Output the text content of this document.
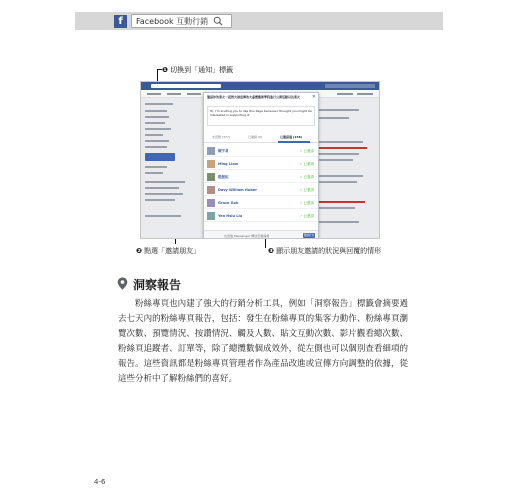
f	Facebook 互動行銷
❶ 切換到「通知」標籤
❷ 點選「邀請朋友」	❸ 顯示朋友邀請的狀況與回覆的情形
邀請你的朋友一起對大肆宣傳的大嘉寶藝術學院進行公開活動以告朋友	✕
Hi, I'm inviting you to like this Page because I thought you might be interested in supporting it.
未回應 (377)	已邀請 (0)	已邀請過 (158)
陳宇君	✓已邀請
Ming Liaw	✓已邀請
趙振佑	✓已邀請
Davy William Huber	✓已邀請
Grace Goh	✓已邀請
Yen Hsiu Liu	✓已邀請
也透過 Messenger 傳送至邀請函	邀請好友
洞察報告

粉絲專頁也內建了強大的行銷分析工具，例如「洞察報告」標籤會摘要過去七天內的粉絲專頁報告，包括：發生在粉絲專頁的集客力動作、粉絲專頁瀏覽次數、預覽情況、按讚情況、觸及人數、貼文互動次數、影片觀看總次數、粉絲頁追蹤者、訂單等，除了總攬數個成效外，從左側也可以個別查看細項的報告。這些資訊都是粉絲專頁管理者作為產品改進或宣傳方向調整的依據，從這些分析中了解粉絲們的喜好。

4-6
